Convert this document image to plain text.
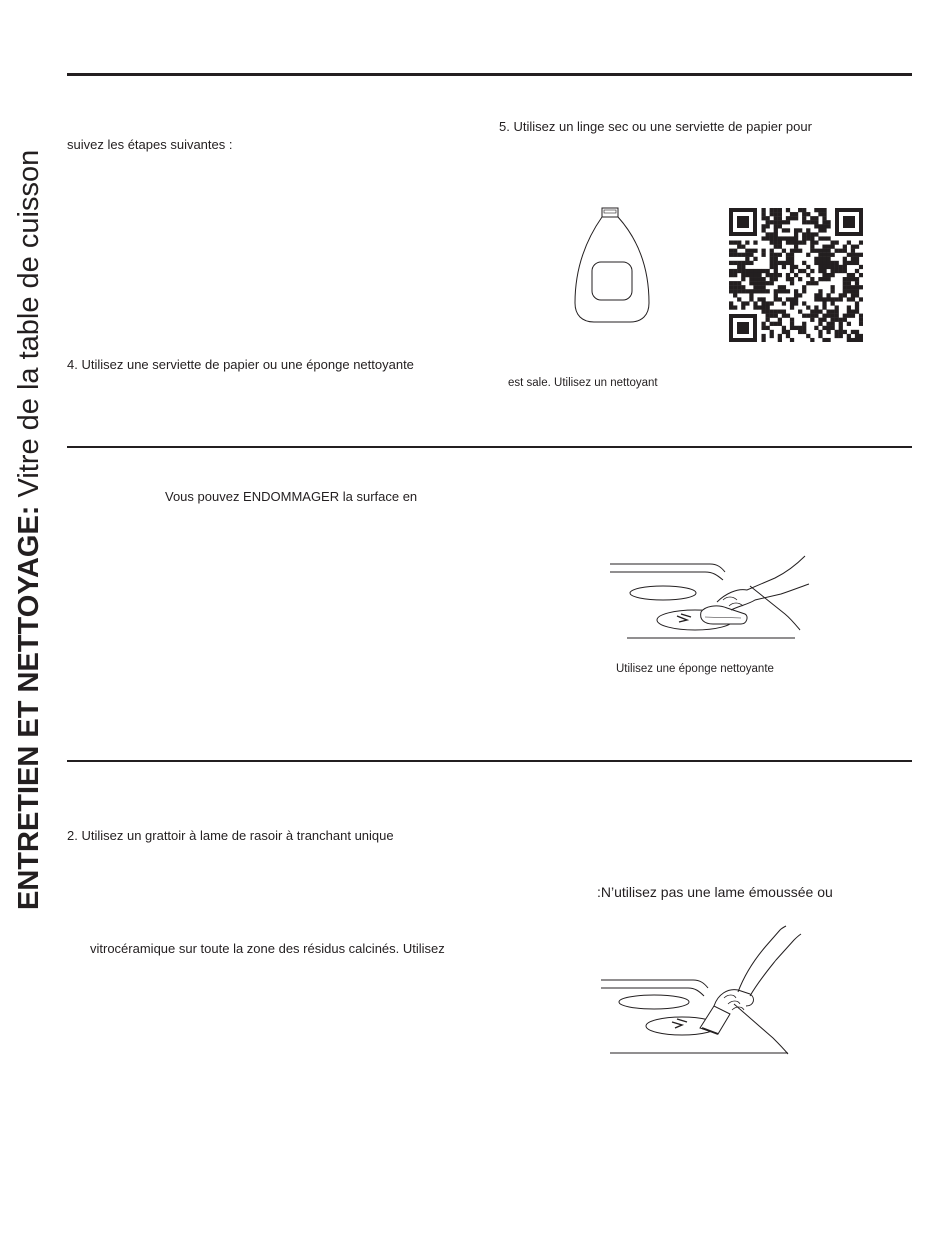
ENTRETIEN ET NETTOYAGE: Vitre de la table de cuisson
suivez les étapes suivantes :
5. Utilisez un linge sec ou une serviette de papier pour
4. Utilisez une serviette de papier ou une éponge nettoyante
est sale. Utilisez un nettoyant
Vous pouvez ENDOMMAGER la surface en
Utilisez une éponge nettoyante
2. Utilisez un grattoir à lame de rasoir à tranchant unique
:N’utilisez pas une lame émoussée ou
vitrocéramique sur toute la zone des résidus calcinés. Utilisez
